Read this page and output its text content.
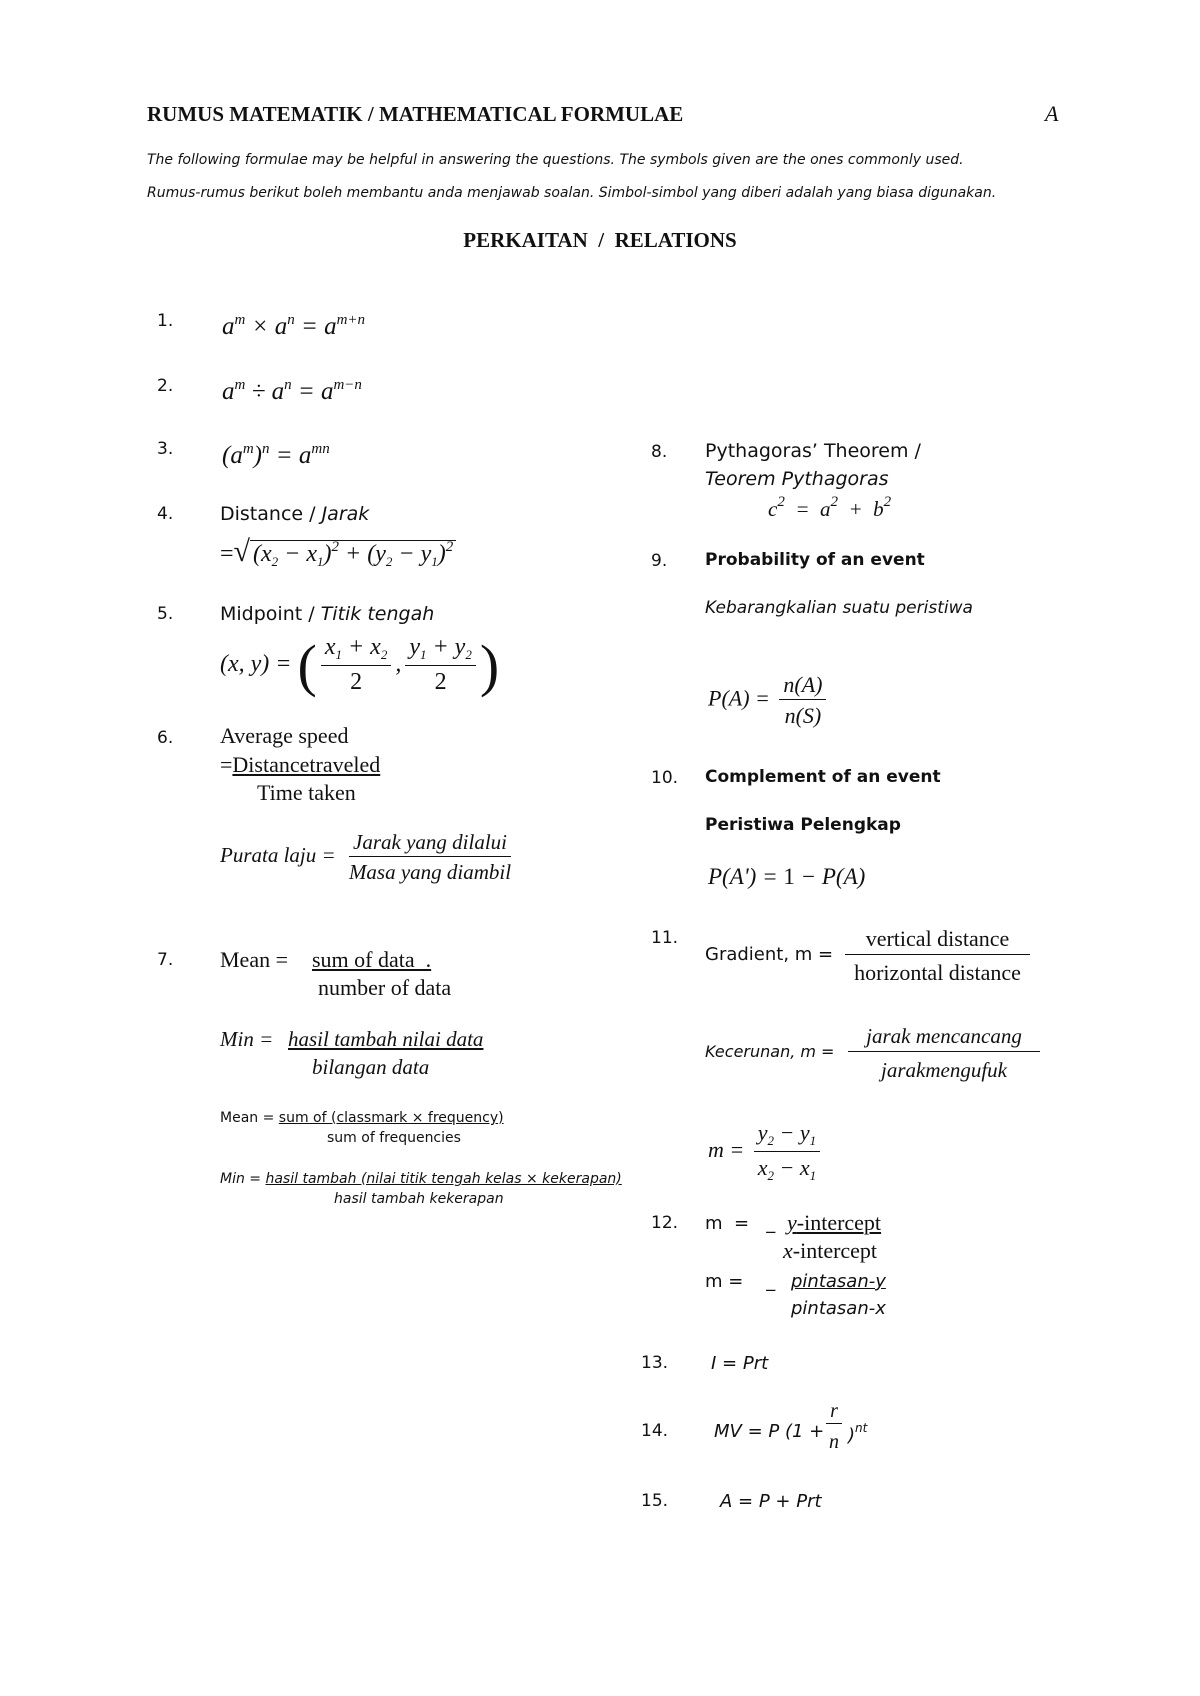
RUMUS MATEMATIK / MATHEMATICAL FORMULAE	A
The following formulae may be helpful in answering the questions. The symbols given are the ones commonly used.
Rumus-rumus berikut boleh membantu anda menjawab soalan. Simbol-simbol yang diberi adalah yang biasa digunakan.
PERKAITAN  /  RELATIONS
1.
2.
3.
4.
5.
6.
7.
8.
9.
10.
11.
12.
13.
14.
15.
$a^m \times a^n = a^{m+n}$
$a^m \div a^n = a^{m-n}$
$(a^m)^n = a^{mn}$
Distance / Jarak
=√ $(x_2 - x_1)^2 + (y_2 - y_1)^2$
Midpoint / Titik tengah
(x, y) = ( $\frac{x_1 + x_2}{2}$ , $\frac{y_1 + y_2}{2}$ )
Average speed
=Distancetraveled
Time taken
Purata laju = $\frac{\text{Jarak yang dilalui}}{\text{Masa yang diambil}}$
Mean = sum of data  .
number of data
Min = hasil tambah nilai data
bilangan data
Mean = sum of (classmark × frequency)
sum of frequencies
Min = hasil tambah (nilai titik tengah kelas × kekerapan)
hasil tambah kekerapan
Pythagoras’ Theorem /
Teorem Pythagoras
$c^2 = a^2 + b^2$
Probability of an event
Kebarangkalian suatu peristiwa
$P(A) = \frac{n(A)}{n(S)}$
Complement of an event
Peristiwa Pelengkap
P(A') = 1 − P(A)
Gradient, m =
vertical distance
horizontal distance
Kecerunan, m =
jarak mencancang
jarakmengufuk
$m = \frac{y_2 - y_1}{x_2 - x_1}$
m  =   _ y-intercept
x-intercept
m =    _ pintasan-y
pintasan-x
I = Prt
MV = P (1 +
r
n )$^{nt}$
A = P + Prt
